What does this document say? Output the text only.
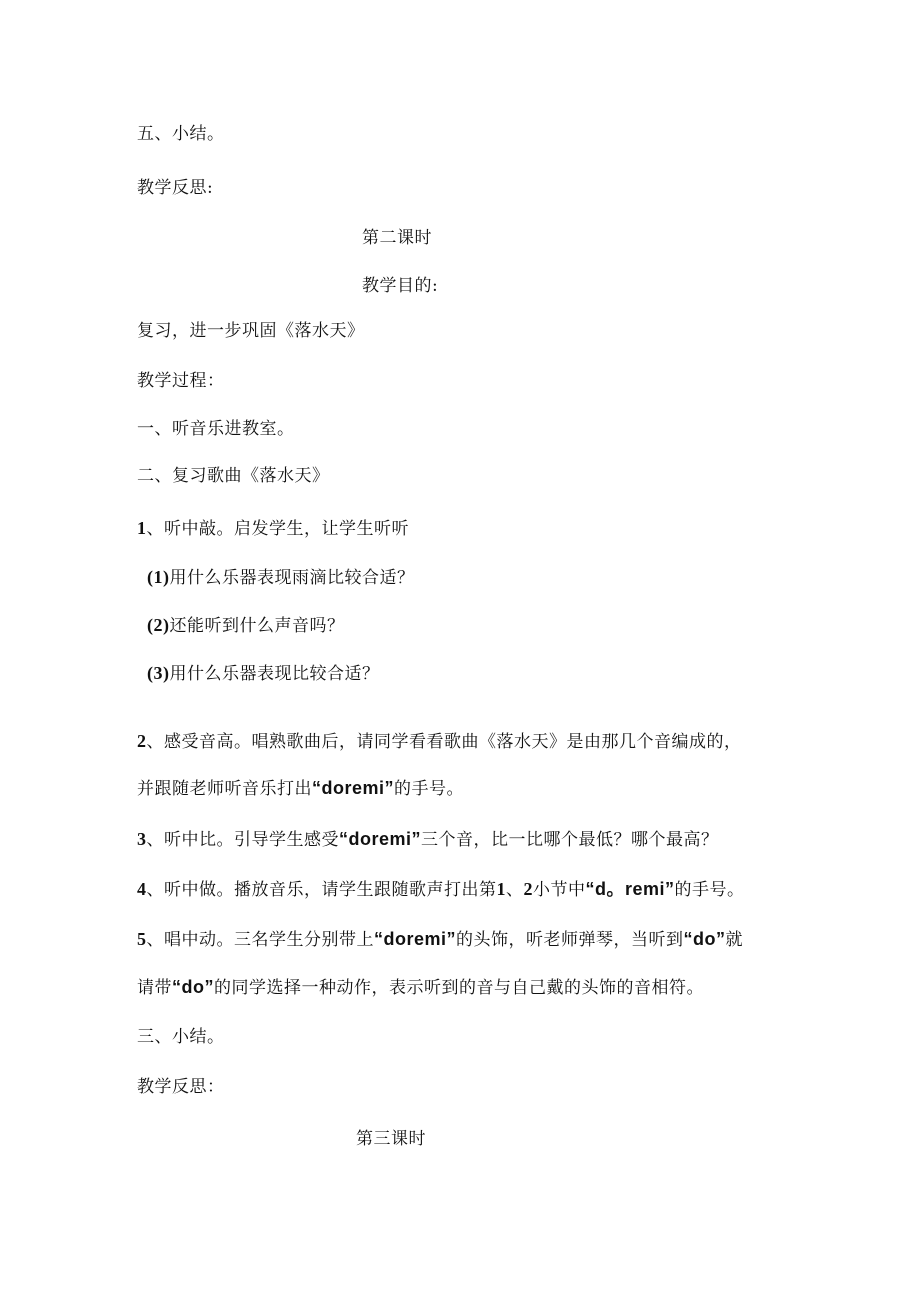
五、小结。
教学反思:
第二课时
教学目的:
复习，进一步巩固《落水天》
教学过程：
一、听音乐进教室。
二、复习歌曲《落水天》
1、听中敲。启发学生，让学生听听
(1)用什么乐器表现雨滴比较合适？
(2)还能听到什么声音吗？
(3)用什么乐器表现比较合适？
2、感受音高。唱熟歌曲后，请同学看看歌曲《落水天》是由那几个音编成的，
并跟随老师听音乐打出“doremi”的手号。
3、听中比。引导学生感受“doremi”三个音，比一比哪个最低？哪个最高？
4、听中做。播放音乐，请学生跟随歌声打出第1、2小节中“d。remi”的手号。
5、唱中动。三名学生分别带上“doremi”的头饰，听老师弹琴，当听到“do”就
请带“do”的同学选择一种动作，表示听到的音与自己戴的头饰的音相符。
三、小结。
教学反思：
第三课时
